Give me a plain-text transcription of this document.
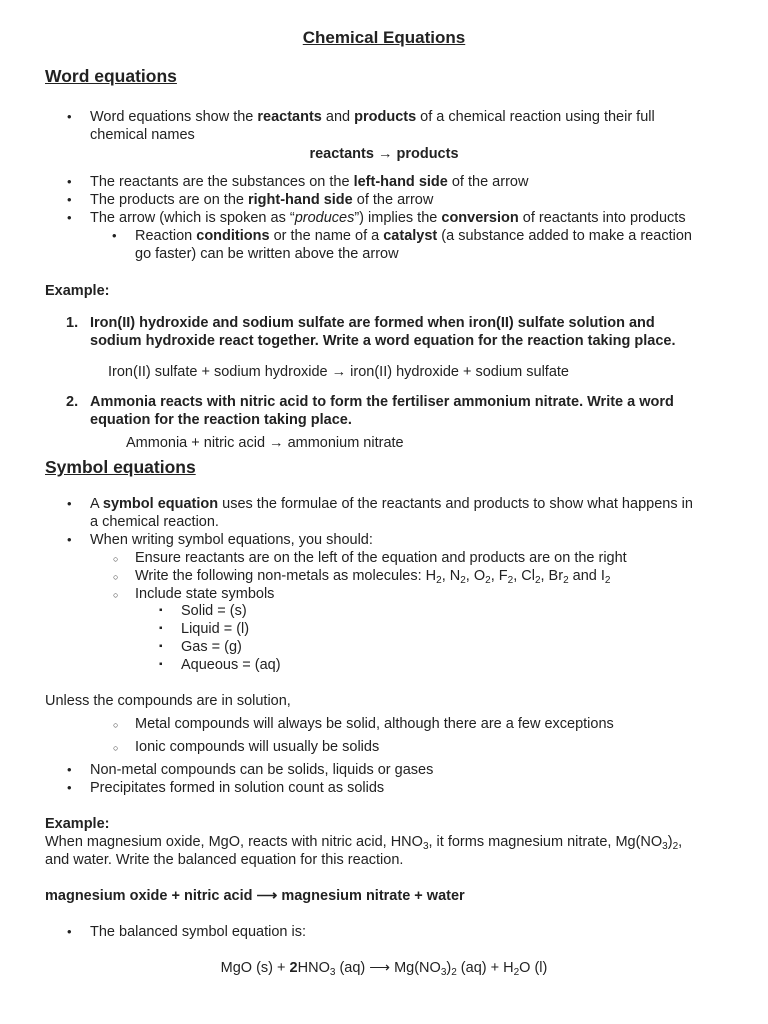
Chemical Equations
Word equations
• Word equations show the reactants and products of a chemical reaction using their full
chemical names
reactants → products
• The reactants are the substances on the left-hand side of the arrow
• The products are on the right-hand side of the arrow
• The arrow (which is spoken as “produces”) implies the conversion of reactants into products
• Reaction conditions or the name of a catalyst (a substance added to make a reaction
go faster) can be written above the arrow
Example:
1. Iron(II) hydroxide and sodium sulfate are formed when iron(II) sulfate solution and
sodium hydroxide react together. Write a word equation for the reaction taking place.
Iron(II) sulfate + sodium hydroxide → iron(II) hydroxide + sodium sulfate
2. Ammonia reacts with nitric acid to form the fertiliser ammonium nitrate. Write a word
equation for the reaction taking place.
Ammonia + nitric acid → ammonium nitrate
Symbol equations
• A symbol equation uses the formulae of the reactants and products to show what happens in
a chemical reaction.
• When writing symbol equations, you should:
○ Ensure reactants are on the left of the equation and products are on the right
○ Write the following non-metals as molecules: $H_2$, $N_2$, $O_2$, $F_2$, $Cl_2$, $Br_2$ and $I_2$
○ Include state symbols
▪ Solid = (s)
▪ Liquid = (l)
▪ Gas = (g)
▪ Aqueous = (aq)
Unless the compounds are in solution,
○ Metal compounds will always be solid, although there are a few exceptions
○ Ionic compounds will usually be solids
• Non-metal compounds can be solids, liquids or gases
• Precipitates formed in solution count as solids
Example:
When magnesium oxide, MgO, reacts with nitric acid, $HNO_3$, it forms magnesium nitrate, $Mg(NO_3)_2$,
and water. Write the balanced equation for this reaction.
magnesium oxide + nitric acid ⟶ magnesium nitrate + water
• The balanced symbol equation is:
MgO $(s) + 2HNO_3$ (aq) ⟶ $Mg(NO_3)_2$ $(aq) + H_2O$ (l)
